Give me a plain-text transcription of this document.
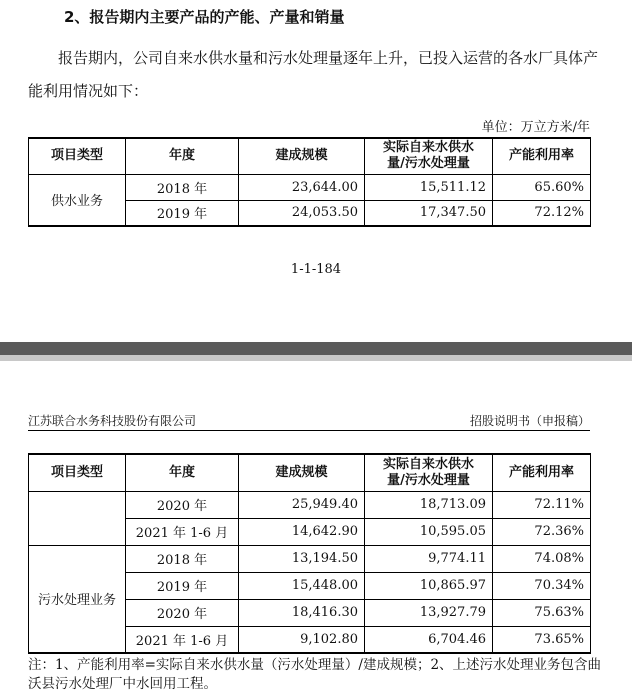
2、报告期内主要产品的产能、产量和销量
报告期内，公司自来水供水量和污水处理量逐年上升，已投入运营的各水厂具体产能利用情况如下：
单位：万立方米/年
项目类型	年度	建成规模	实际自来水供水
量/污水处理量	产能利用率
供水业务	2018 年	23,644.00	15,511.12	65.60%
	2019 年	24,053.50	17,347.50	72.12%
1-1-184
江苏联合水务科技股份有限公司	招股说明书（申报稿）
项目类型	年度	建成规模	实际自来水供水
量/污水处理量	产能利用率
	2020 年	25,949.40	18,713.09	72.11%
	2021 年 1-6 月	14,642.90	10,595.05	72.36%
污水处理业务	2018 年	13,194.50	9,774.11	74.08%
	2019 年	15,448.00	10,865.97	70.34%
	2020 年	18,416.30	13,927.79	75.63%
	2021 年 1-6 月	9,102.80	6,704.46	73.65%
注：1、产能利用率=实际自来水供水量（污水处理量）/建成规模；2、上述污水处理业务包含曲沃县污水处理厂中水回用工程。
